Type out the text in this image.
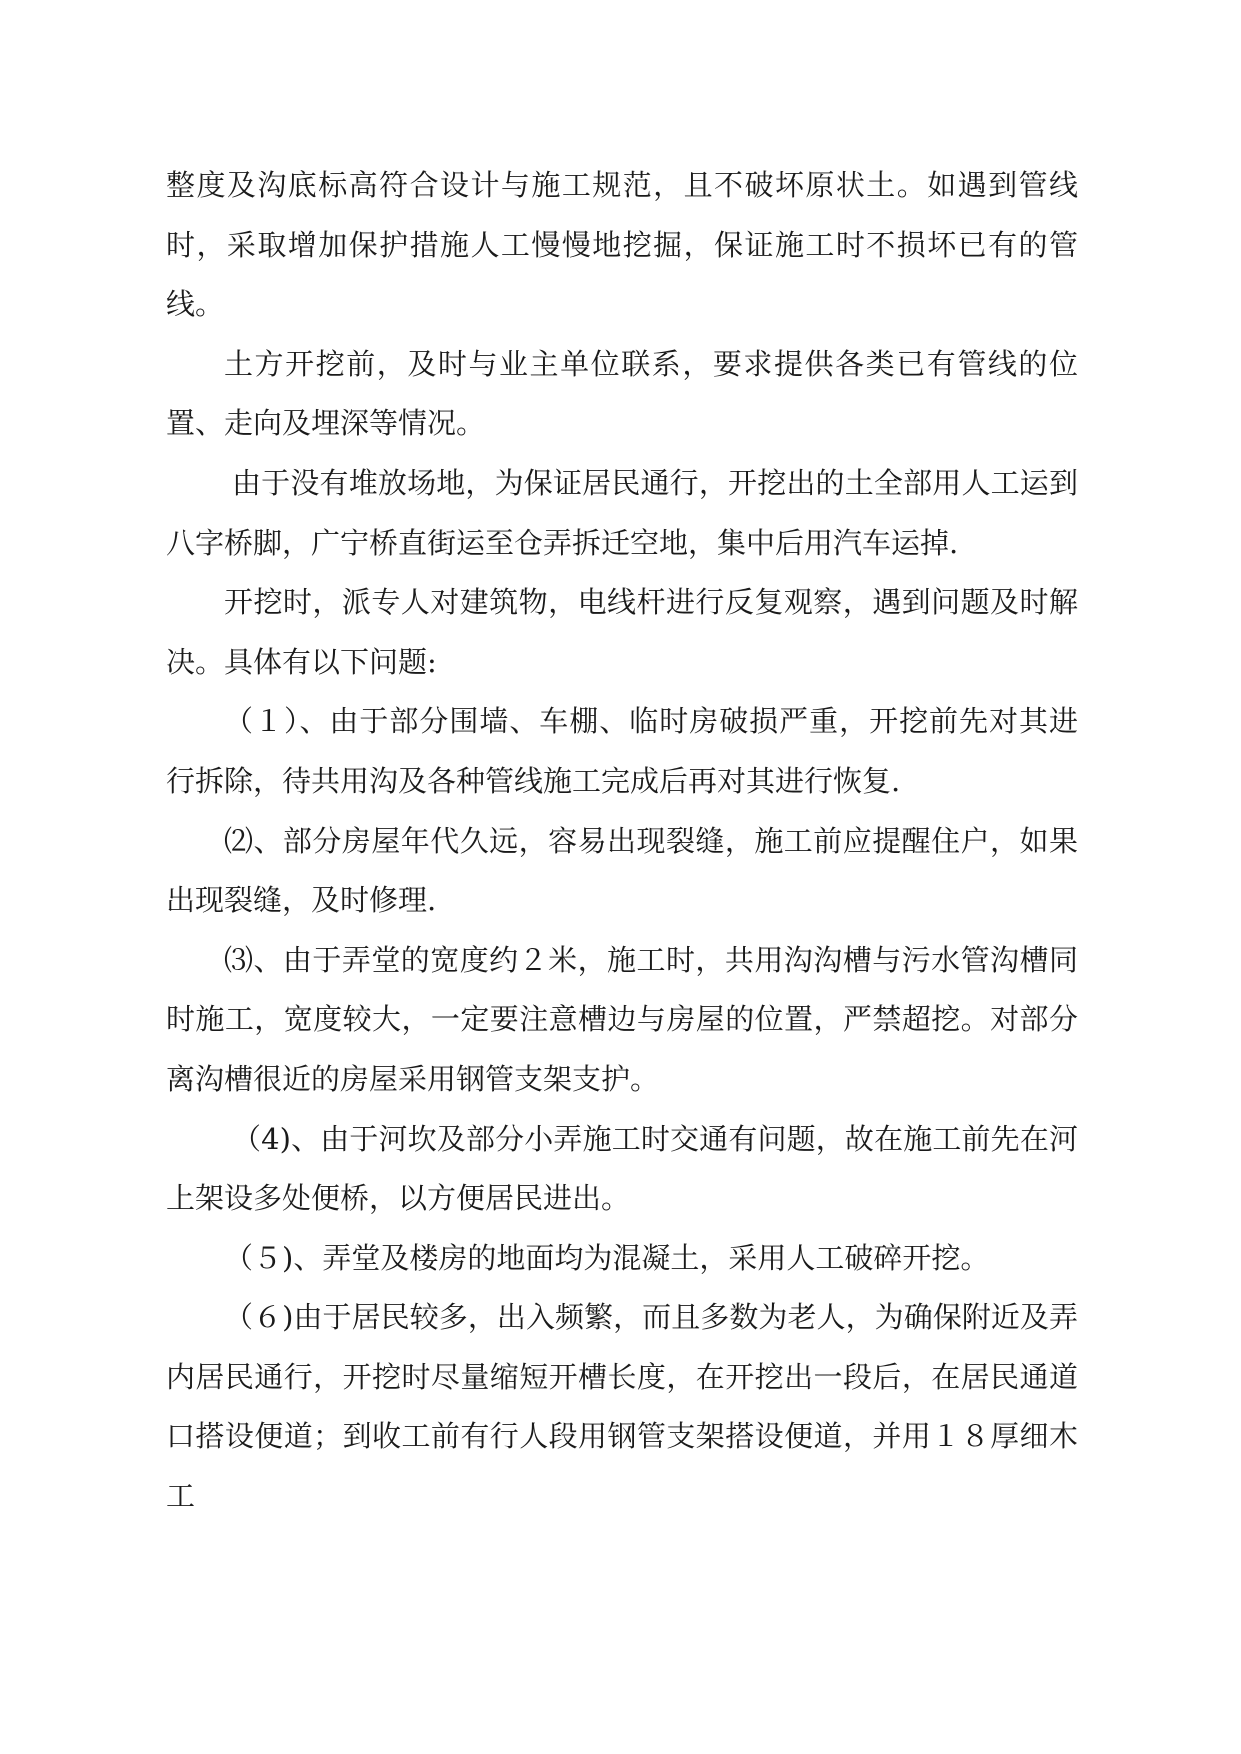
整度及沟底标高符合设计与施工规范，且不破坏原状土。如遇到管线时，采取增加保护措施人工慢慢地挖掘，保证施工时不损坏已有的管线。

土方开挖前，及时与业主单位联系，要求提供各类已有管线的位置、走向及埋深等情况。

由于没有堆放场地，为保证居民通行，开挖出的土全部用人工运到八字桥脚，广宁桥直街运至仓弄拆迁空地，集中后用汽车运掉.

开挖时，派专人对建筑物，电线杆进行反复观察，遇到问题及时解决。具体有以下问题:

（１）、由于部分围墙、车棚、临时房破损严重，开挖前先对其进行拆除，待共用沟及各种管线施工完成后再对其进行恢复.

⑵、部分房屋年代久远，容易出现裂缝，施工前应提醒住户，如果出现裂缝，及时修理.

⑶、由于弄堂的宽度约２米，施工时，共用沟沟槽与污水管沟槽同时施工，宽度较大，一定要注意槽边与房屋的位置，严禁超挖。对部分离沟槽很近的房屋采用钢管支架支护。

（4)、由于河坎及部分小弄施工时交通有问题，故在施工前先在河上架设多处便桥，以方便居民进出。

（５)、弄堂及楼房的地面均为混凝土，采用人工破碎开挖。

（６)由于居民较多，出入频繁，而且多数为老人，为确保附近及弄内居民通行，开挖时尽量缩短开槽长度，在开挖出一段后，在居民通道口搭设便道；到收工前有行人段用钢管支架搭设便道，并用１８厚细木工
